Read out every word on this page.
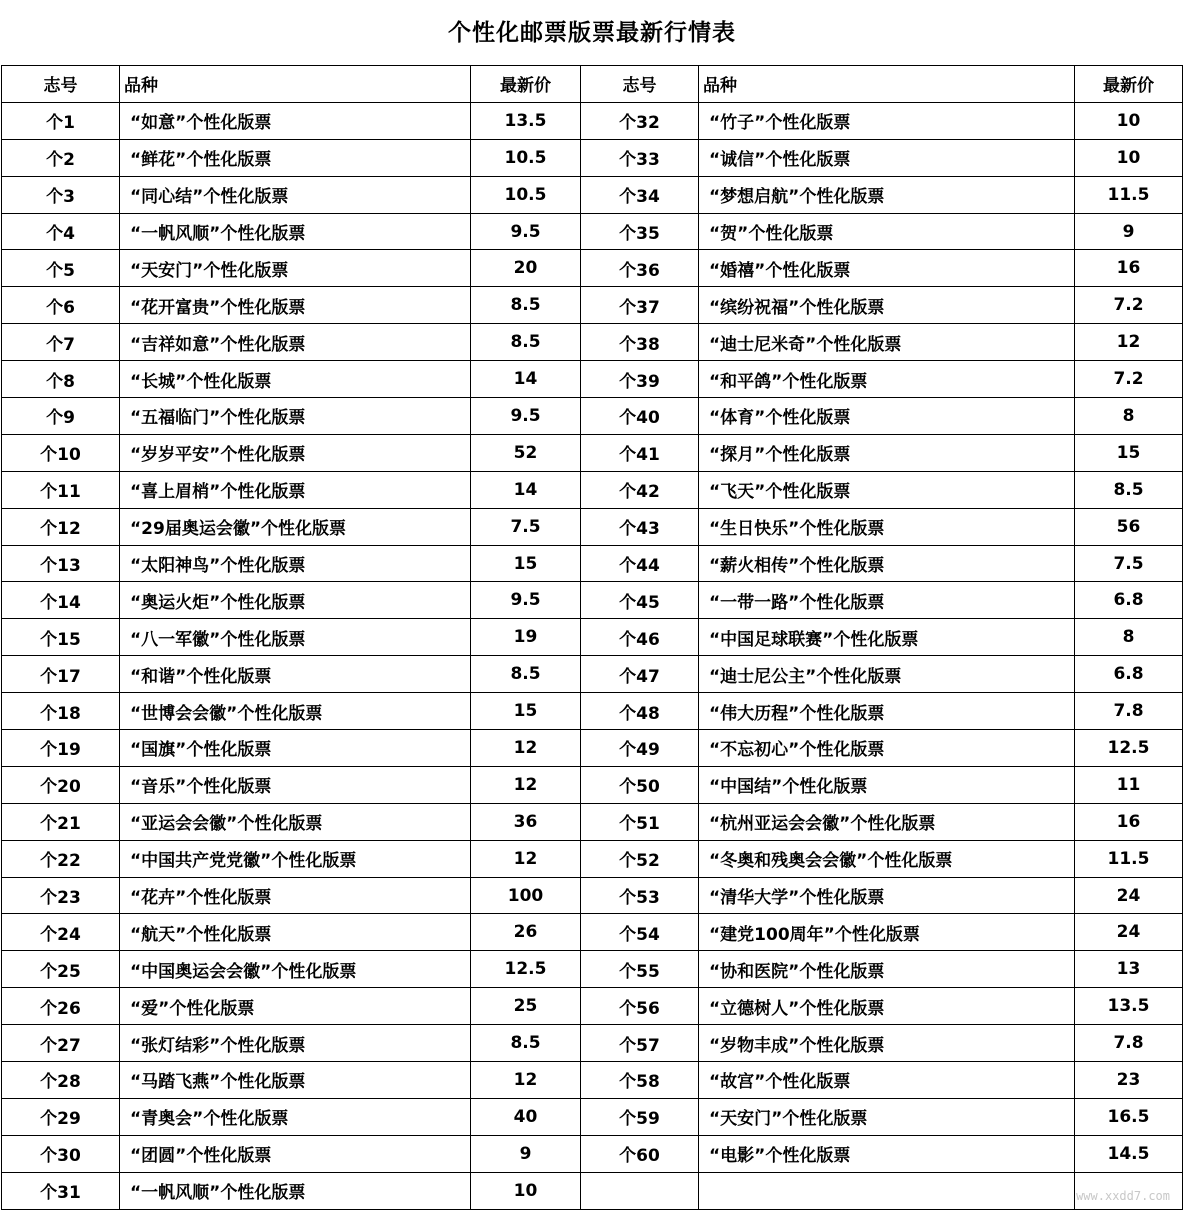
个性化邮票版票最新行情表
志号	品种	最新价	志号	品种	最新价
个1	“如意”个性化版票	13.5	个32	“竹子”个性化版票	10
个2	“鲜花”个性化版票	10.5	个33	“诚信”个性化版票	10
个3	“同心结”个性化版票	10.5	个34	“梦想启航”个性化版票	11.5
个4	“一帆风顺”个性化版票	9.5	个35	“贺”个性化版票	9
个5	“天安门”个性化版票	20	个36	“婚禧”个性化版票	16
个6	“花开富贵”个性化版票	8.5	个37	“缤纷祝福”个性化版票	7.2
个7	“吉祥如意”个性化版票	8.5	个38	“迪士尼米奇”个性化版票	12
个8	“长城”个性化版票	14	个39	“和平鸽”个性化版票	7.2
个9	“五福临门”个性化版票	9.5	个40	“体育”个性化版票	8
个10	“岁岁平安”个性化版票	52	个41	“探月”个性化版票	15
个11	“喜上眉梢”个性化版票	14	个42	“飞天”个性化版票	8.5
个12	“29届奥运会徽”个性化版票	7.5	个43	“生日快乐”个性化版票	56
个13	“太阳神鸟”个性化版票	15	个44	“薪火相传”个性化版票	7.5
个14	“奥运火炬”个性化版票	9.5	个45	“一带一路”个性化版票	6.8
个15	“八一军徽”个性化版票	19	个46	“中国足球联赛”个性化版票	8
个17	“和谐”个性化版票	8.5	个47	“迪士尼公主”个性化版票	6.8
个18	“世博会会徽”个性化版票	15	个48	“伟大历程”个性化版票	7.8
个19	“国旗”个性化版票	12	个49	“不忘初心”个性化版票	12.5
个20	“音乐”个性化版票	12	个50	“中国结”个性化版票	11
个21	“亚运会会徽”个性化版票	36	个51	“杭州亚运会会徽”个性化版票	16
个22	“中国共产党党徽”个性化版票	12	个52	“冬奥和残奥会会徽”个性化版票	11.5
个23	“花卉”个性化版票	100	个53	“清华大学”个性化版票	24
个24	“航天”个性化版票	26	个54	“建党100周年”个性化版票	24
个25	“中国奥运会会徽”个性化版票	12.5	个55	“协和医院”个性化版票	13
个26	“爱”个性化版票	25	个56	“立德树人”个性化版票	13.5
个27	“张灯结彩”个性化版票	8.5	个57	“岁物丰成”个性化版票	7.8
个28	“马踏飞燕”个性化版票	12	个58	“故宫”个性化版票	23
个29	“青奥会”个性化版票	40	个59	“天安门”个性化版票	16.5
个30	“团圆”个性化版票	9	个60	“电影”个性化版票	14.5
个31	“一帆风顺”个性化版票	10				www.xxdd7.com
